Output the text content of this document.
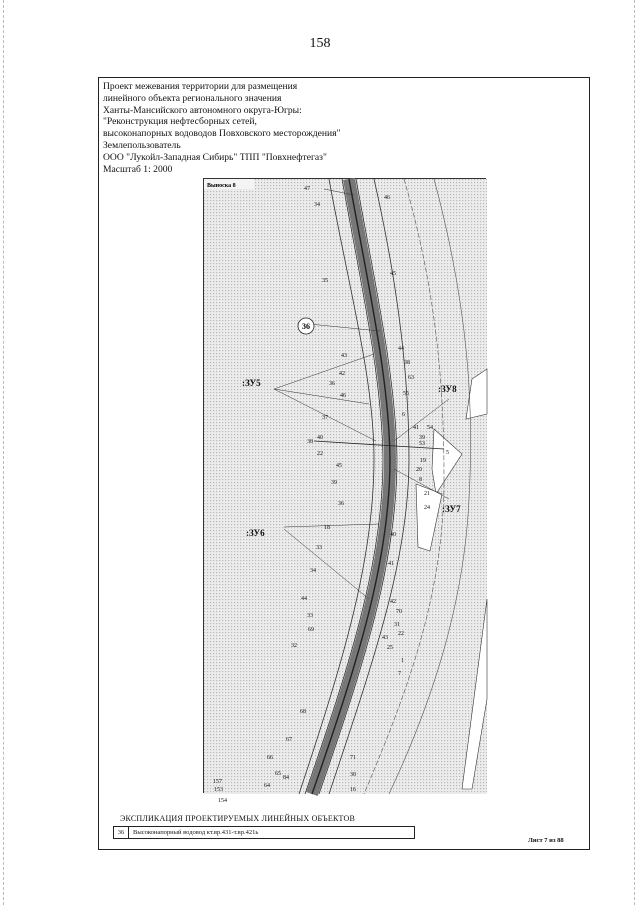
158
Проект межевания территории для размещения
линейного объекта регионального значения
Ханты-Мансийского автономного округа-Югры:
"Реконструкция нефтесборных сетей,
высоконапорных водоводов Повховского месторождения"
Землепользователь
ООО "Лукойл-Западная Сибирь" ТПП "Повхнефтегаз"
Масштаб 1: 2000
47
34
46
35
45
44
38
43
63
42
36
46	55
6
54
37
41
39
40
53
38
5
22
19
45
20
8
39
21
36
24
18
40
33
41
34
44	42
33
70
69
31
32
22
43
25
1
7
68
67
66
65
64
84
157
71
153
30
154
16
36
:ЗУ5
:ЗУ8
:ЗУ7
:ЗУ6
Выноска 8
ЭКСПЛИКАЦИЯ ПРОЕКТИРУЕМЫХ ЛИНЕЙНЫХ ОБЪЕКТОВ
36	Высоконапорный водовод кт.вр.431-т.вр.421ь
Лист 7 из 88
